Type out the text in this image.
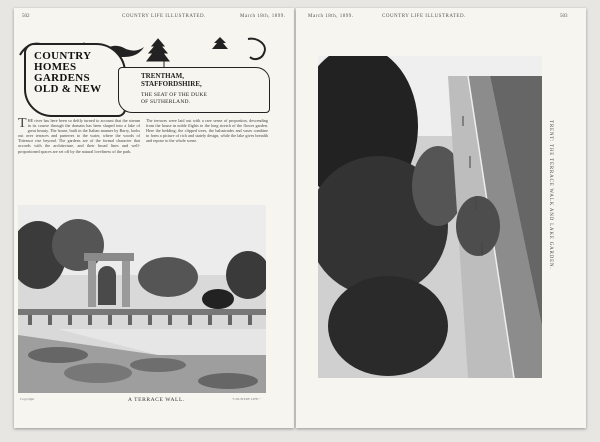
502	COUNTRY LIFE ILLUSTRATED.	March 18th, 1899.	March 18th, 1899.	COUNTRY LIFE ILLUSTRATED.	503
COUNTRY
HOMES
GARDENS
OLD & NEW
TRENTHAM,
STAFFORDSHIRE,
THE SEAT OF THE DUKE
OF SUTHERLAND.
THE river has here been so deftly turned to account that the stream in its course through the domain has been shaped into a lake of great beauty. The house, built in the Italian manner by Barry, looks out over terraces and parterres to the water, where the woods of Tittensor rise beyond. The gardens are of the formal character that accords with the architecture, and their broad lines and well-proportioned spaces are set off by the natural loveliness of the park.
The terraces were laid out with a rare sense of proportion, descending from the house in noble flights to the long stretch of the flower garden. Here the bedding, the clipped trees, the balustrades and vases combine to form a picture of rich and stately design, while the lake gives breadth and repose to the whole scene.
A TERRACE WALL.
Copyright	"COUNTRY LIFE."
TRENT: THE TERRACE WALK AND LAKE GARDEN.
